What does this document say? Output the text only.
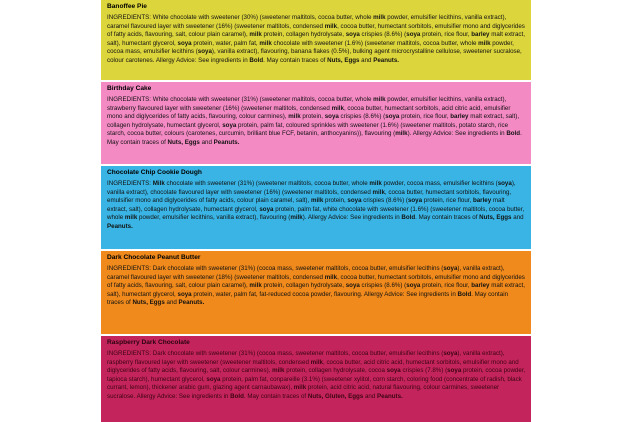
Banoffee Pie

INGREDIENTS: White chocolate with sweetener (30%) (sweetener maltitols, cocoa butter, whole milk powder, emulsifier lecithins, vanilla extract), caramel flavoured layer with sweetener (16%) (sweetener maltitols, condensed milk, cocoa butter, humectant sorbitols, emulsifier mono and diglycerides of fatty acids, flavouring, salt, colour plain caramel), milk protein, collagen hydrolysate, soya crispies (8.6%) (soya protein, rice flour, barley malt extract, salt), humectant glycerol, soya protein, water, palm fat, milk chocolate with sweetener (1.6%) (sweetener maltitols, cocoa butter, whole milk powder, cocoa mass, emulsifier lecithins (soya), vanilla extract), flavouring, banana flakes (0.5%), bulking agent microcrystalline cellulose, sweetener sucralose, colour carotenes. Allergy Advice: See ingredients in Bold. May contain traces of Nuts, Eggs and Peanuts.

Birthday Cake

INGREDIENTS: White chocolate with sweetener (31%) (sweetener maltitols, cocoa butter, whole milk powder, emulsifier lecithins, vanilla extract), strawberry flavoured layer with sweetener (16%) (sweetener maltitols, condensed milk, cocoa butter, humectant sorbitols, acid citric acid, emulsifier mono and diglycerides of fatty acids, flavouring, colour carmines), milk protein, soya crispies (8.6%) (soya protein, rice flour, barley malt extract, salt), collagen hydrolysate, humectant glycerol, soya protein, palm fat, coloured sprinkles with sweetener (1.6%) (sweetener maltitols, potato starch, rice starch, cocoa butter, colours (carotenes, curcumin, brilliant blue FCF, betanin, anthocyanins)), flavouring (milk). Allergy Advice: See ingredients in Bold. May contain traces of Nuts, Eggs and Peanuts.

Chocolate Chip Cookie Dough

INGREDIENTS: Milk chocolate with sweetener (31%) (sweetener maltitols, cocoa butter, whole milk powder, cocoa mass, emulsifier lecithins (soya), vanilla extract), chocolate flavoured layer with sweetener (16%) (sweetener maltitols, condensed milk, cocoa butter, humectant sorbitols, flavouring, emulsifier mono and diglycerides of fatty acids, colour plain caramel, salt), milk protein, soya crispies (8.6%) (soya protein, rice flour, barley malt extract, salt), collagen hydrolysate, humectant glycerol, soya protein, palm fat, white chocolate with sweetener (1.6%) (sweetener maltitols, cocoa butter, whole milk powder, emulsifier lecithins, vanilla extract), flavouring (milk). Allergy Advice: See ingredients in Bold. May contain traces of Nuts, Eggs and Peanuts.

Dark Chocolate Peanut Butter

INGREDIENTS: Dark chocolate with sweetener (31%) (cocoa mass, sweetener maltitols, cocoa butter, emulsifier lecithins (soya), vanilla extract), caramel flavoured layer with sweetener (18%) (sweetener maltitols, condensed milk, cocoa butter, humectant sorbitols, emulsifier mono and diglycerides of fatty acids, flavouring, salt, colour plain caramel), milk protein, collagen hydrolysate, soya crispies (8.6%) (soya protein, rice flour, barley malt extract, salt), humectant glycerol, soya protein, water, palm fat, fat-reduced cocoa powder, flavouring. Allergy Advice: See ingredients in Bold. May contain traces of Nuts, Eggs and Peanuts.

Raspberry Dark Chocolate

INGREDIENTS: Dark chocolate with sweetener (31%) (cocoa mass, sweetener maltitols, cocoa butter, emulsifier lecithins (soya), vanilla extract), raspberry flavoured layer with sweetener (sweetener maltitols, condensed milk, cocoa butter, acid citric acid, humectant sorbitols, emulsifier mono and diglycerides of fatty acids, flavouring, salt, colour carmines), milk protein, collagen hydrolysate, cocoa soya crispies (7.8%) (soya protein, cocoa powder, tapioca starch), humectant glycerol, soya protein, palm fat, conpareille (3.1%) (sweetener xylitol, corn starch, coloring food (concentrate of radish, black currant, lemon), thickener arabic gum, glazing agent carnaubawax), milk protein, acid citric acid, natural flavouring, colour carmines, sweetener sucralose. Allergy Advice: See ingredients in Bold. May contain traces of Nuts, Gluten, Eggs and Peanuts.
